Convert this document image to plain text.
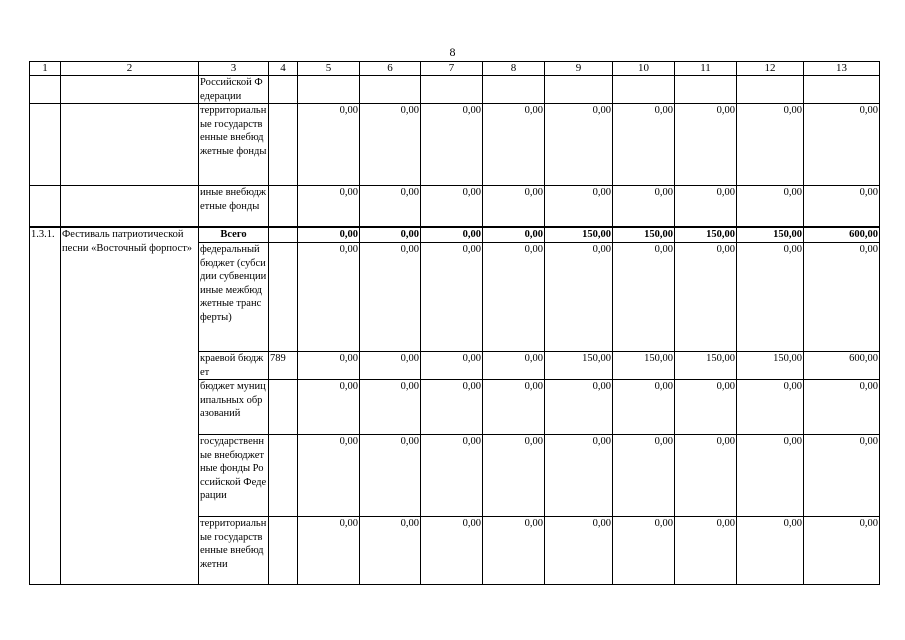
8
1	2	3	4	5	6	7	8	9	10	11	12	13
		Российской Федерации										
		территориальные государственные внебюджетные фонды		0,00	0,00	0,00	0,00	0,00	0,00	0,00	0,00	0,00
		иные внебюджетные фонды		0,00	0,00	0,00	0,00	0,00	0,00	0,00	0,00	0,00
1.3.1.	Фестиваль патриотической песни «Восточный форпост»	Всего		0,00	0,00	0,00	0,00	150,00	150,00	150,00	150,00	600,00
		федеральный бюджет (субсидии субвенции иные межбюджетные трансферты)		0,00	0,00	0,00	0,00	0,00	0,00	0,00	0,00	0,00
		краевой бюджет	789	0,00	0,00	0,00	0,00	150,00	150,00	150,00	150,00	600,00
		бюджет муниципальных образований		0,00	0,00	0,00	0,00	0,00	0,00	0,00	0,00	0,00
		государственные внебюджетные фонды Российской Федерации		0,00	0,00	0,00	0,00	0,00	0,00	0,00	0,00	0,00
		территориальные государственные внебюджетни		0,00	0,00	0,00	0,00	0,00	0,00	0,00	0,00	0,00
